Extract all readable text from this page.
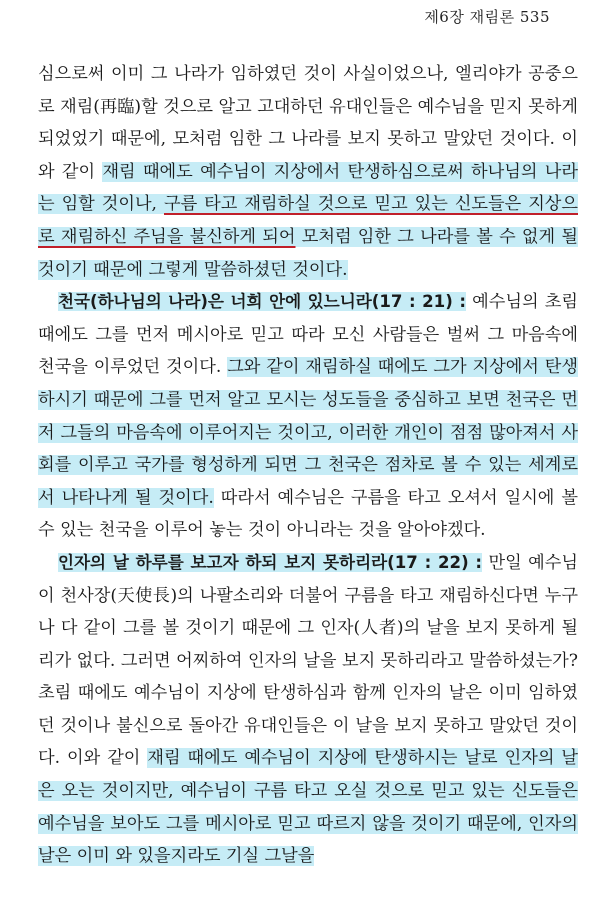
제6장 재림론 535

심으로써 이미 그 나라가 임하였던 것이 사실이었으나, 엘리야가 공중으로 재림(再臨)할 것으로 알고 고대하던 유대인들은 예수님을 믿지 못하게 되었었기 때문에, 모처럼 임한 그 나라를 보지 못하고 말았던 것이다. 이와 같이 재림 때에도 예수님이 지상에서 탄생하심으로써 하나님의 나라는 임할 것이나, 구름 타고 재림하실 것으로 믿고 있는 신도들은 지상으로 재림하신 주님을 불신하게 되어 모처럼 임한 그 나라를 볼 수 없게 될 것이기 때문에 그렇게 말씀하셨던 것이다.

천국(하나님의 나라)은 너희 안에 있느니라(17 : 21) : 예수님의 초림 때에도 그를 먼저 메시아로 믿고 따라 모신 사람들은 벌써 그 마음속에 천국을 이루었던 것이다. 그와 같이 재림하실 때에도 그가 지상에서 탄생하시기 때문에 그를 먼저 알고 모시는 성도들을 중심하고 보면 천국은 먼저 그들의 마음속에 이루어지는 것이고, 이러한 개인이 점점 많아져서 사회를 이루고 국가를 형성하게 되면 그 천국은 점차로 볼 수 있는 세계로서 나타나게 될 것이다. 따라서 예수님은 구름을 타고 오셔서 일시에 볼 수 있는 천국을 이루어 놓는 것이 아니라는 것을 알아야겠다.

인자의 날 하루를 보고자 하되 보지 못하리라(17 : 22) : 만일 예수님이 천사장(天使長)의 나팔소리와 더불어 구름을 타고 재림하신다면 누구나 다 같이 그를 볼 것이기 때문에 그 인자(人者)의 날을 보지 못하게 될 리가 없다. 그러면 어찌하여 인자의 날을 보지 못하리라고 말씀하셨는가? 초림 때에도 예수님이 지상에 탄생하심과 함께 인자의 날은 이미 임하였던 것이나 불신으로 돌아간 유대인들은 이 날을 보지 못하고 말았던 것이다. 이와 같이 재림 때에도 예수님이 지상에 탄생하시는 날로 인자의 날은 오는 것이지만, 예수님이 구름 타고 오실 것으로 믿고 있는 신도들은 예수님을 보아도 그를 메시아로 믿고 따르지 않을 것이기 때문에, 인자의 날은 이미 와 있을지라도 기실 그날을
